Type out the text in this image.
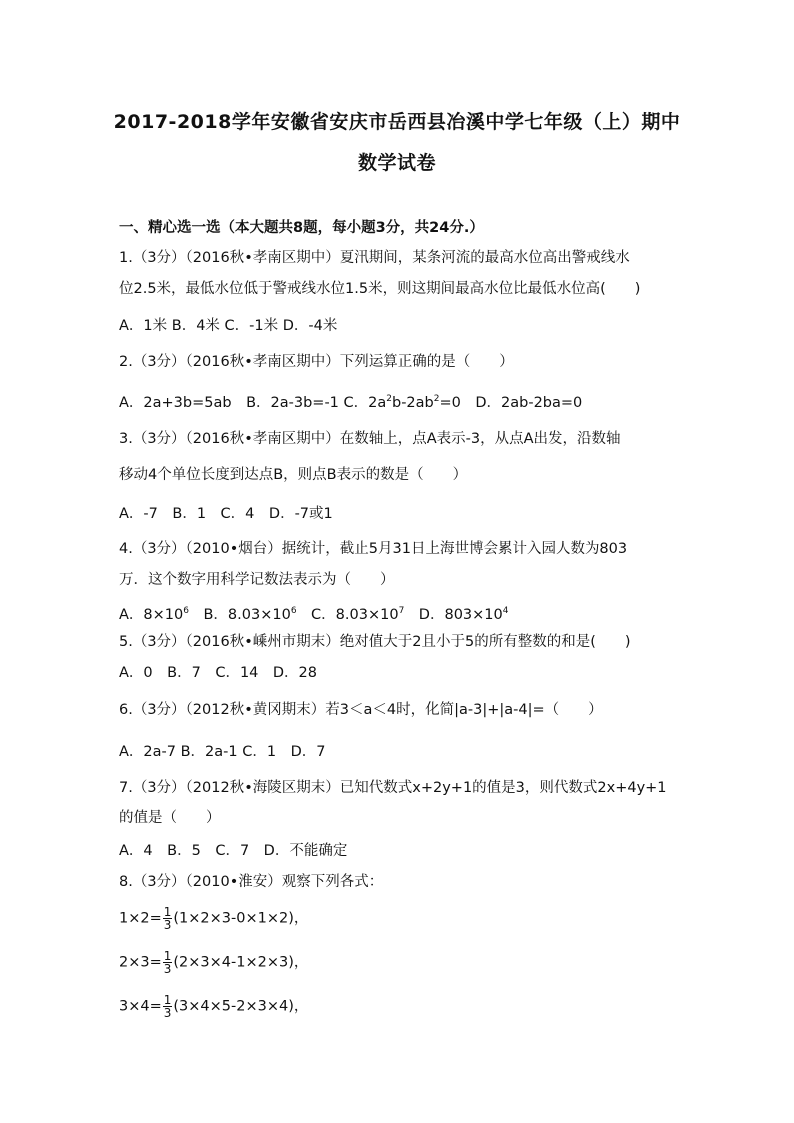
2017-2018学年安徽省安庆市岳西县冶溪中学七年级（上）期中
数学试卷
一、精心选一选（本大题共8题，每小题3分，共24分.）
1.（3分）（2016秋•孝南区期中）夏汛期间，某条河流的最高水位高出警戒线水
位2.5米，最低水位低于警戒线水位1.5米，则这期间最高水位比最低水位高(　　)
A．1米 B．4米 C．-1米 D．-4米
2.（3分）（2016秋•孝南区期中）下列运算正确的是（　　）
A．2a+3b=5ab　B．2a-3b=-1 C．$2a^2b-2ab^2=0$　D．2ab-2ba=0
3.（3分）（2016秋•孝南区期中）在数轴上，点A表示-3，从点A出发，沿数轴
移动4个单位长度到达点B，则点B表示的数是（　　）
A．-7　B．1　C．4　D．-7或1
4.（3分）（2010•烟台）据统计，截止5月31日上海世博会累计入园人数为803
万．这个数字用科学记数法表示为（　　）
A．$8\times 10^6$　B．$8.03\times 10^6$　C．$8.03\times 10^7$　D．$803\times 10^4$
5.（3分）（2016秋•嵊州市期末）绝对值大于2且小于5的所有整数的和是(　　)
A．0　B．7　C．14　D．28
6.（3分）（2012秋•黄冈期末）若3＜a＜4时，化简|a-3|+|a-4|=（　　）
A．2a-7 B．2a-1 C．1　D．7
7.（3分）（2012秋•海陵区期末）已知代数式x+2y+1的值是3，则代数式2x+4y+1
的值是（　　）
A．4　B．5　C．7　D．不能确定
8.（3分）（2010•淮安）观察下列各式：
$1\times 2= \frac{1}{3} (1\times 2\times 3-0\times 1\times 2)$，
$2\times 3= \frac{1}{3} (2\times 3\times 4-1\times 2\times 3)$，
$3\times 4= \frac{1}{3} (3\times 4\times 5-2\times 3\times 4)$，
